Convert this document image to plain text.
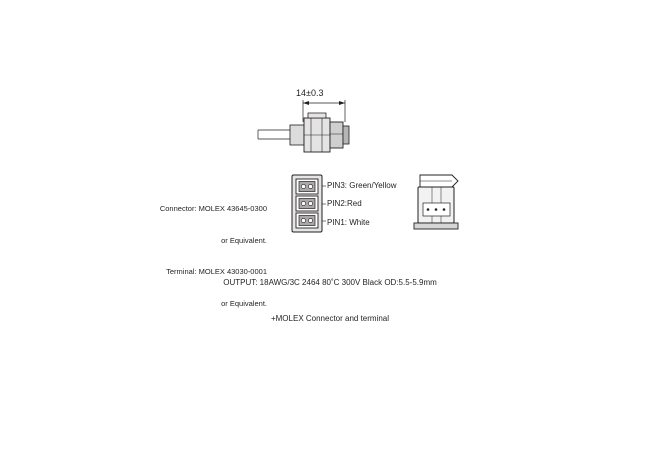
14±0.3
PIN3: Green/Yellow
PIN2:Red
PIN1: White

Connector: MOLEX 43645-0300

or Equivalent.

Terminal: MOLEX 43030-0001

or Equivalent.

OUTPUT: 18AWG/3C 2464 80˚C 300V Black OD:5.5-5.9mm

+MOLEX Connector and terminal
